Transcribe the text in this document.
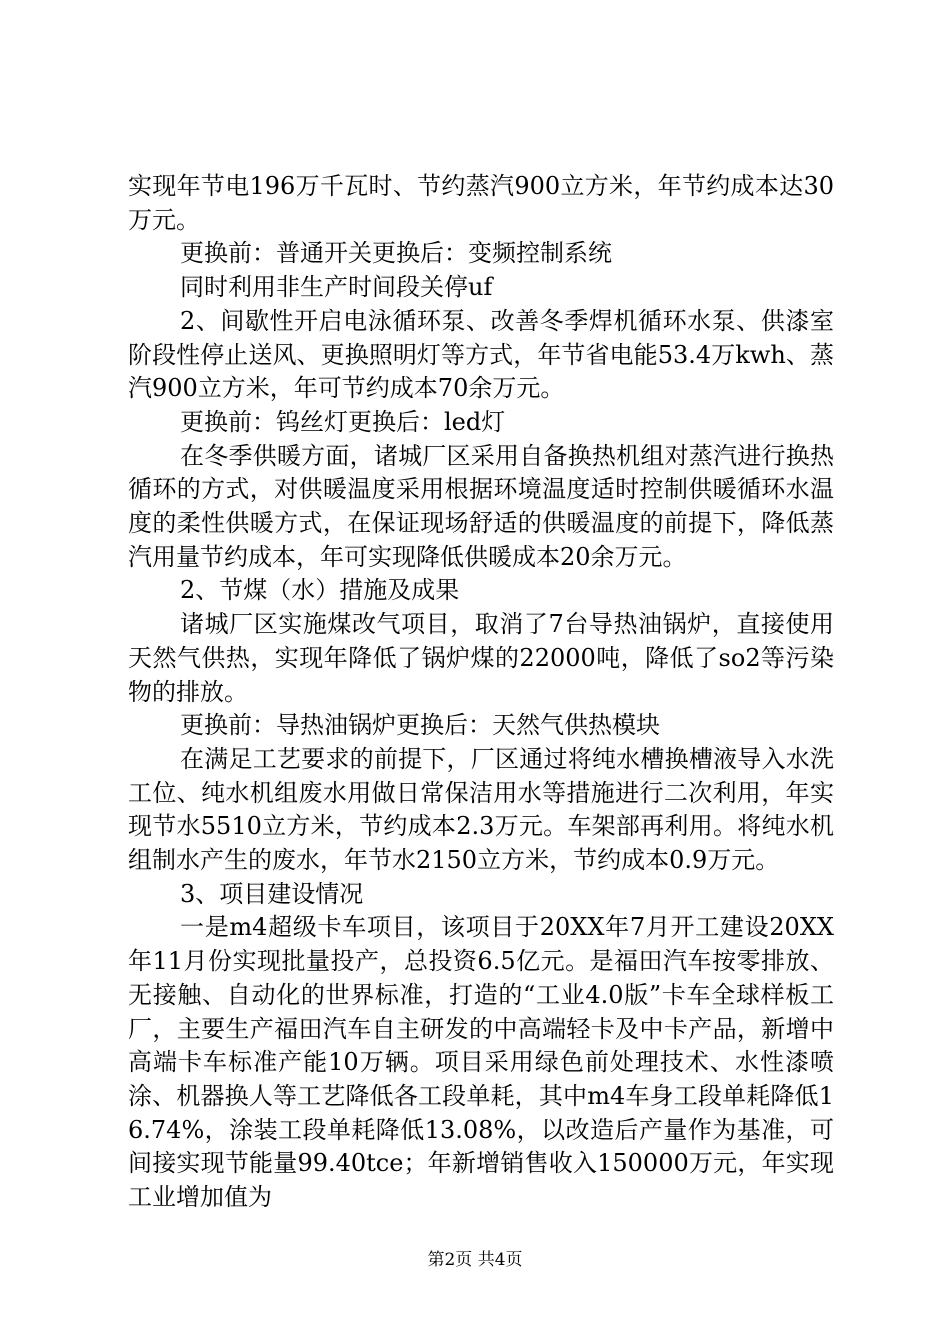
实现年节电196万千瓦时、节约蒸汽900立方米，年节约成本达30万元。

更换前：普通开关更换后：变频控制系统

同时利用非生产时间段关停uf

2、间歇性开启电泳循环泵、改善冬季焊机循环水泵、供漆室阶段性停止送风、更换照明灯等方式，年节省电能53.4万kwh、蒸汽900立方米，年可节约成本70余万元。

更换前：钨丝灯更换后：led灯

在冬季供暖方面，诸城厂区采用自备换热机组对蒸汽进行换热循环的方式，对供暖温度采用根据环境温度适时控制供暖循环水温度的柔性供暖方式，在保证现场舒适的供暖温度的前提下，降低蒸汽用量节约成本，年可实现降低供暖成本20余万元。

2、节煤（水）措施及成果

诸城厂区实施煤改气项目，取消了7台导热油锅炉，直接使用天然气供热，实现年降低了锅炉煤的22000吨，降低了so2等污染物的排放。

更换前：导热油锅炉更换后：天然气供热模块

在满足工艺要求的前提下，厂区通过将纯水槽换槽液导入水洗工位、纯水机组废水用做日常保洁用水等措施进行二次利用，年实现节水5510立方米，节约成本2.3万元。车架部再利用。将纯水机组制水产生的废水，年节水2150立方米，节约成本0.9万元。

3、项目建设情况

一是m4超级卡车项目，该项目于20XX年7月开工建设20XX年11月份实现批量投产，总投资6.5亿元。是福田汽车按零排放、无接触、自动化的世界标准，打造的“工业4.0版”卡车全球样板工厂，主要生产福田汽车自主研发的中高端轻卡及中卡产品，新增中高端卡车标准产能10万辆。项目采用绿色前处理技术、水性漆喷涂、机器换人等工艺降低各工段单耗，其中m4车身工段单耗降低16.74%，涂装工段单耗降低13.08%，以改造后产量作为基准，可间接实现节能量99.40tce；年新增销售收入150000万元，年实现工业增加值为

第2页 共4页
